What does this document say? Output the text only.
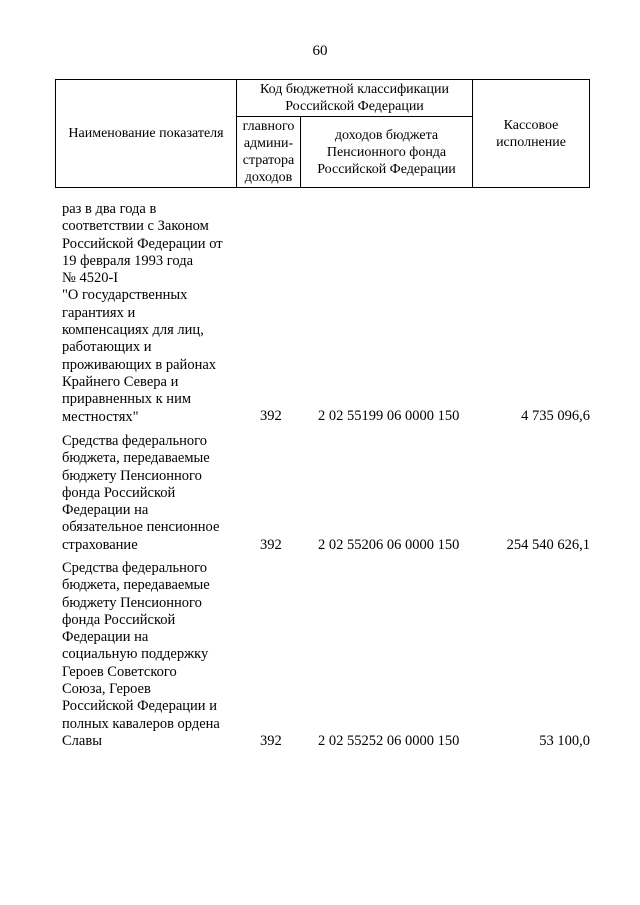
60
Наименование показателя	Код бюджетной классификации Российской Федерации		Кассовое исполнение
	главного админи-стратора доходов	доходов бюджета Пенсионного фонда Российской Федерации	
раз в два года в
соответствии с Законом
Российской Федерации от
19 февраля 1993 года
№ 4520-I
"О государственных
гарантиях и
компенсациях для лиц,
работающих и
проживающих в районах
Крайнего Севера и
приравненных к ним
местностях"	392	2 02 55199 06 0000 150	4 735 096,6
Средства федерального
бюджета, передаваемые
бюджету Пенсионного
фонда Российской
Федерации на
обязательное пенсионное
страхование	392	2 02 55206 06 0000 150	254 540 626,1
Средства федерального
бюджета, передаваемые
бюджету Пенсионного
фонда Российской
Федерации на
социальную поддержку
Героев Советского
Союза, Героев
Российской Федерации и
полных кавалеров ордена
Славы	392	2 02 55252 06 0000 150	53 100,0
